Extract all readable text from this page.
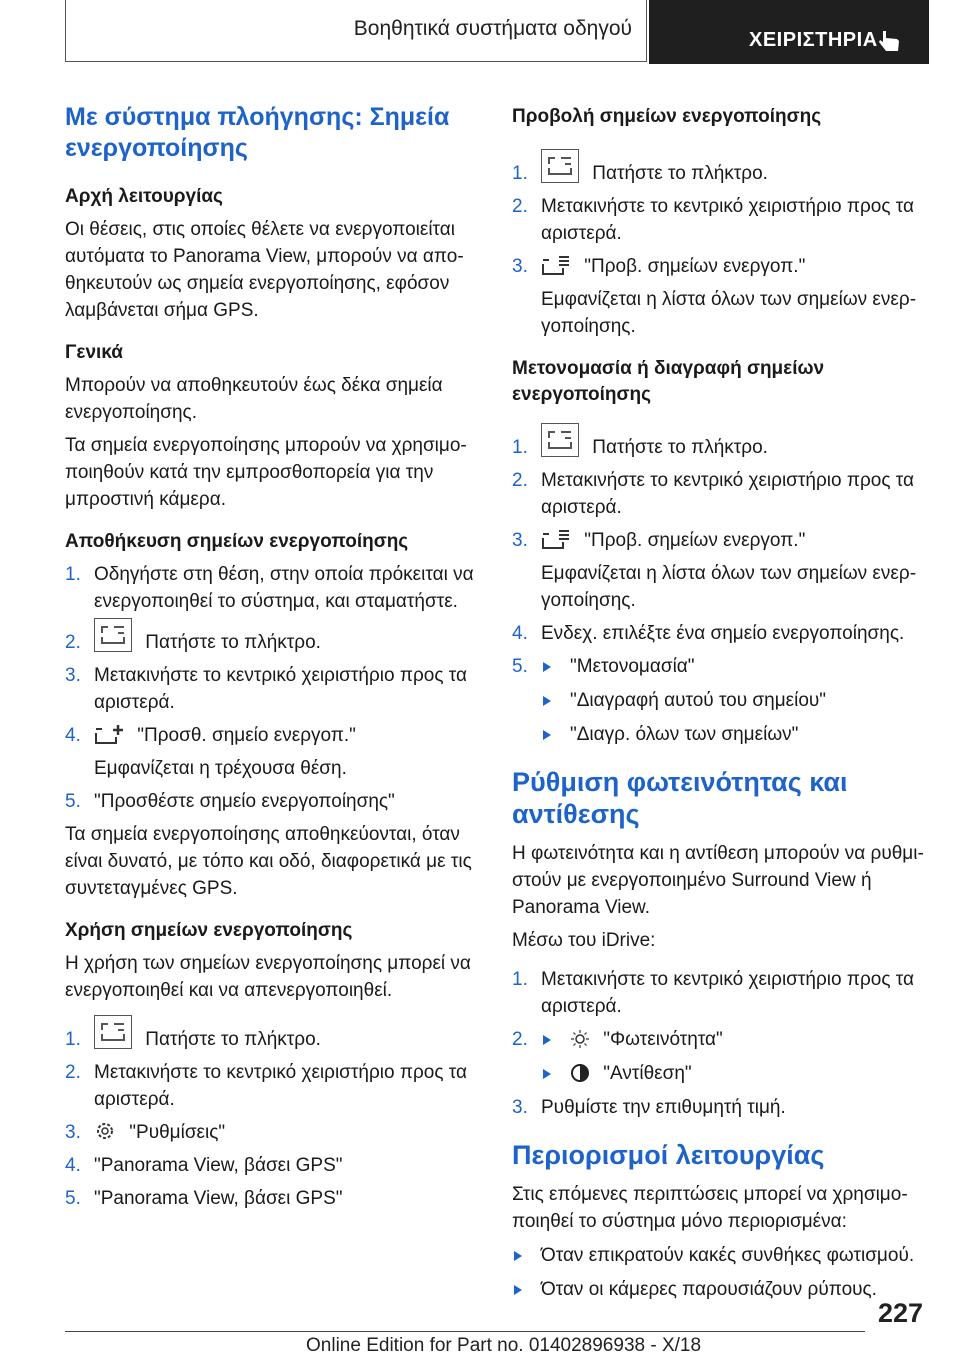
Βοηθητικά συστήματα οδηγού	ΧΕΙΡΙΣΤΗΡΙΑ
Με σύστημα πλοήγησης: Σημεία ενεργοποίησης
Αρχή λειτουργίας

Οι θέσεις, στις οποίες θέλετε να ενεργοποιείται αυτόματα το Panorama View, μπορούν να αποθηκευτούν ως σημεία ενεργοποίησης, εφόσον λαμβάνεται σήμα GPS.

Γενικά

Μπορούν να αποθηκευτούν έως δέκα σημεία ενεργοποίησης.

Τα σημεία ενεργοποίησης μπορούν να χρησιμοποιηθούν κατά την εμπροσθοπορεία για την μπροστινή κάμερα.

Αποθήκευση σημείων ενεργοποίησης
1. Οδηγήστε στη θέση, στην οποία πρόκειται να ενεργοποιηθεί το σύστημα, και σταματήστε.
2.	Πατήστε το πλήκτρο.
3. Μετακινήστε το κεντρικό χειριστήριο προς τα αριστερά.
4.	"Προσθ. σημείο ενεργοπ."
Εμφανίζεται η τρέχουσα θέση.
5. "Προσθέστε σημείο ενεργοποίησης"

Τα σημεία ενεργοποίησης αποθηκεύονται, όταν είναι δυνατό, με τόπο και οδό, διαφορετικά με τις συντεταγμένες GPS.

Χρήση σημείων ενεργοποίησης

Η χρήση των σημείων ενεργοποίησης μπορεί να ενεργοποιηθεί και να απενεργοποιηθεί.

1.	Πατήστε το πλήκτρο.
2. Μετακινήστε το κεντρικό χειριστήριο προς τα αριστερά.
3.	"Ρυθμίσεις"
4. "Panorama View, βάσει GPS"
5. "Panorama View, βάσει GPS"
Προβολή σημείων ενεργοποίησης
1.	Πατήστε το πλήκτρο.
2. Μετακινήστε το κεντρικό χειριστήριο προς τα αριστερά.
3.	"Προβ. σημείων ενεργοπ."
Εμφανίζεται η λίστα όλων των σημείων ενεργοποίησης.
Μετονομασία ή διαγραφή σημείων ενεργοποίησης
1.	Πατήστε το πλήκτρο.
2. Μετακινήστε το κεντρικό χειριστήριο προς τα αριστερά.
3.	"Προβ. σημείων ενεργοπ."
Εμφανίζεται η λίστα όλων των σημείων ενεργοποίησης.
4. Ενδεχ. επιλέξτε ένα σημείο ενεργοποίησης.
5.	"Μετονομασία"
"Διαγραφή αυτού του σημείου"
"Διαγρ. όλων των σημείων"
Ρύθμιση φωτεινότητας και αντίθεσης

Η φωτεινότητα και η αντίθεση μπορούν να ρυθμιστούν με ενεργοποιημένο Surround View ή Panorama View.

Μέσω του iDrive:

1. Μετακινήστε το κεντρικό χειριστήριο προς τα αριστερά.
2.	"Φωτεινότητα"
"Αντίθεση"
3. Ρυθμίστε την επιθυμητή τιμή.
Περιορισμοί λειτουργίας

Στις επόμενες περιπτώσεις μπορεί να χρησιμοποιηθεί το σύστημα μόνο περιορισμένα:

Όταν επικρατούν κακές συνθήκες φωτισμού.
Όταν οι κάμερες παρουσιάζουν ρύπους.
227
Online Edition for Part no. 01402896938 - X/18
